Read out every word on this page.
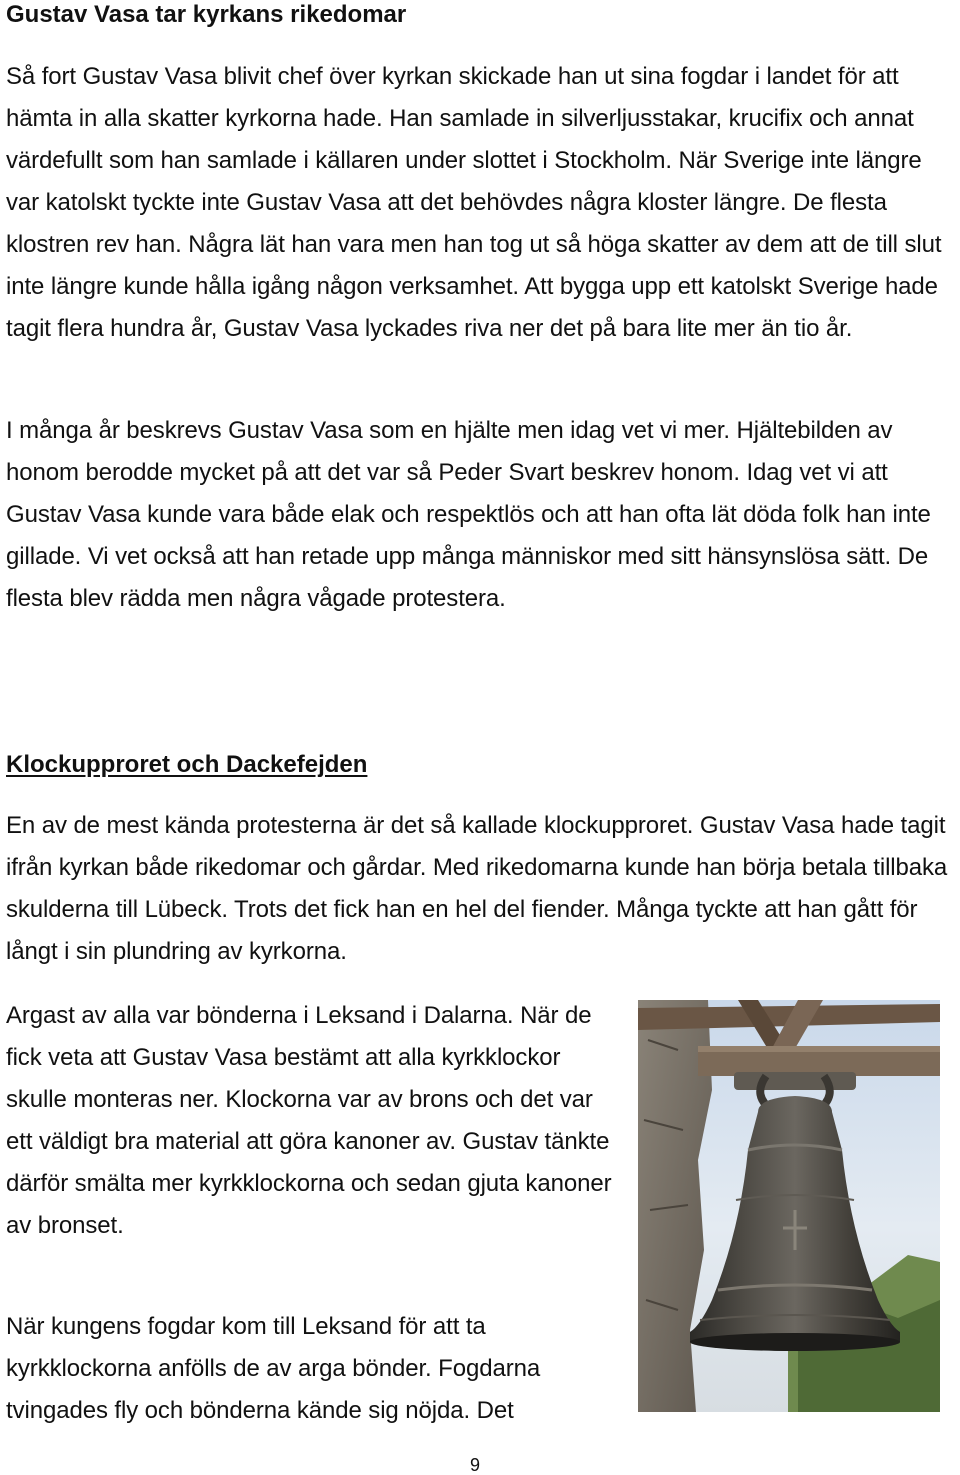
Gustav Vasa tar kyrkans rikedomar

Så fort Gustav Vasa blivit chef över kyrkan skickade han ut sina fogdar i landet för att hämta in alla skatter kyrkorna hade. Han samlade in silverljusstakar, krucifix och annat värdefullt som han samlade i källaren under slottet i Stockholm. När Sverige inte längre var katolskt tyckte inte Gustav Vasa att det behövdes några kloster längre. De flesta klostren rev han. Några lät han vara men han tog ut så höga skatter av dem att de till slut inte längre kunde hålla igång någon verksamhet. Att bygga upp ett katolskt Sverige hade tagit flera hundra år, Gustav Vasa lyckades riva ner det på bara lite mer än tio år.

I många år beskrevs Gustav Vasa som en hjälte men idag vet vi mer. Hjältebilden av honom berodde mycket på att det var så Peder Svart beskrev honom. Idag vet vi att Gustav Vasa kunde vara både elak och respektlös och att han ofta lät döda folk han inte gillade. Vi vet också att han retade upp många människor med sitt hänsynslösa sätt. De flesta blev rädda men några vågade protestera.

Klockupproret och Dackefejden

En av de mest kända protesterna är det så kallade klockupproret. Gustav Vasa hade tagit ifrån kyrkan både rikedomar och gårdar. Med rikedomarna kunde han börja betala tillbaka skulderna till Lübeck. Trots det fick han en hel del fiender. Många tyckte att han gått för långt i sin plundring av kyrkorna.

Argast av alla var bönderna i Leksand i Dalarna. När de fick veta att Gustav Vasa bestämt att alla kyrkklockor skulle monteras ner. Klockorna var av brons och det var ett väldigt bra material att göra kanoner av. Gustav tänkte därför smälta mer kyrkklockorna och sedan gjuta kanoner av bronset.

När kungens fogdar kom till Leksand för att ta kyrkklockorna anfölls de av arga bönder. Fogdarna tvingades fly och bönderna kände sig nöjda. Det

9
